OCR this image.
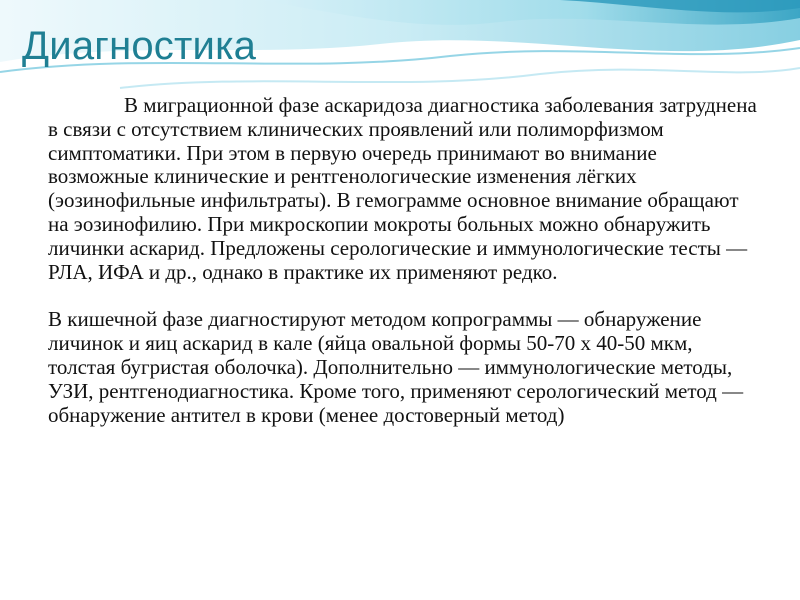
Диагностика

В миграционной фазе аскаридоза диагностика заболевания затруднена в связи с отсутствием клинических проявлений или полиморфизмом симптоматики. При этом в первую очередь принимают во внимание возможные клинические и рентгенологические изменения лёгких (эозинофильные инфильтраты). В гемограмме основное внимание обращают на эозинофилию. При микроскопии мокроты больных можно обнаружить личинки аскарид. Предложены серологические и иммунологические тесты — РЛА, ИФА и др., однако в практике их применяют редко.

В кишечной фазе диагностируют методом копрограммы — обнаружение личинок и яиц аскарид в кале (яйца овальной формы 50-70 х 40-50 мкм, толстая бугристая оболочка). Дополнительно — иммунологические методы, УЗИ, рентгенодиагностика. Кроме того, применяют серологический метод — обнаружение антител в крови (менее достоверный метод)
